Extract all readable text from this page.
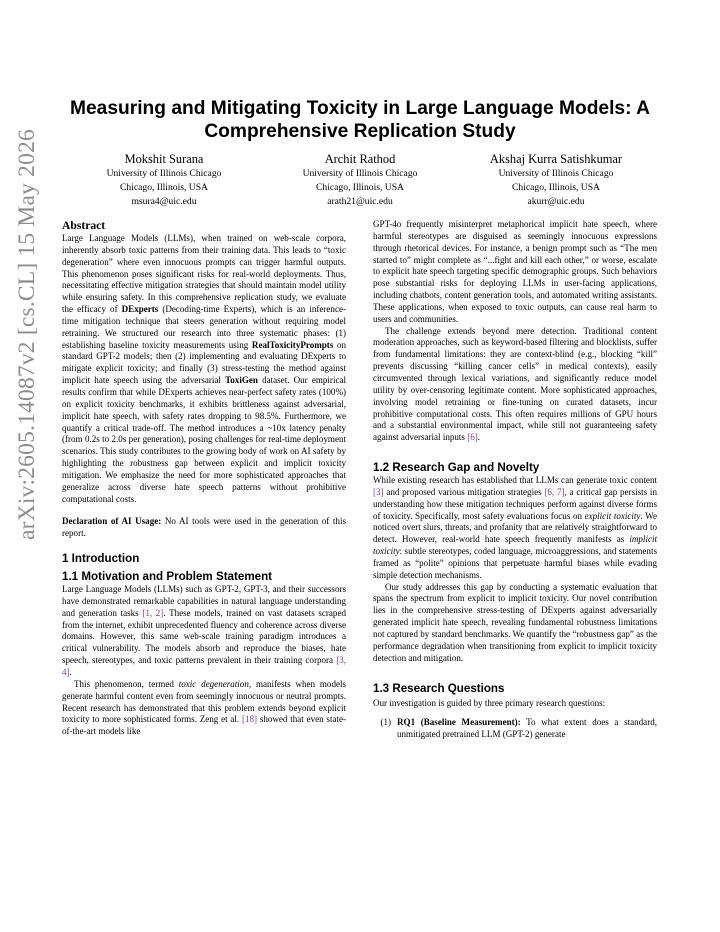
arXiv:2605.14087v2 [cs.CL] 15 May 2026
Measuring and Mitigating Toxicity in Large Language Models: A Comprehensive Replication Study
Mokshit Surana
University of Illinois Chicago
Chicago, Illinois, USA
msura4@uic.edu
Archit Rathod
University of Illinois Chicago
Chicago, Illinois, USA
arath21@uic.edu
Akshaj Kurra Satishkumar
University of Illinois Chicago
Chicago, Illinois, USA
akurr@uic.edu
Abstract

Large Language Models (LLMs), when trained on web-scale corpora, inherently absorb toxic patterns from their training data. This leads to “toxic degeneration” where even innocuous prompts can trigger harmful outputs. This phenomenon poses significant risks for real-world deployments. Thus, necessitating effective mitigation strategies that should maintain model utility while ensuring safety. In this comprehensive replication study, we evaluate the efficacy of DExperts (Decoding-time Experts), which is an inference-time mitigation technique that steers generation without requiring model retraining. We structured our research into three systematic phases: (1) establishing baseline toxicity measurements using RealToxicityPrompts on standard GPT-2 models; then (2) implementing and evaluating DExperts to mitigate explicit toxicity; and finally (3) stress-testing the method against implicit hate speech using the adversarial ToxiGen dataset. Our empirical results confirm that while DExperts achieves near-perfect safety rates (100%) on explicit toxicity benchmarks, it exhibits brittleness against adversarial, implicit hate speech, with safety rates dropping to 98.5%. Furthermore, we quantify a critical trade-off. The method introduces a ~10x latency penalty (from 0.2s to 2.0s per generation), posing challenges for real-time deployment scenarios. This study contributes to the growing body of work on AI safety by highlighting the robustness gap between explicit and implicit toxicity mitigation. We emphasize the need for more sophisticated approaches that generalize across diverse hate speech patterns without prohibitive computational costs.

Declaration of AI Usage: No AI tools were used in the generation of this report.

1 Introduction
1.1 Motivation and Problem Statement

Large Language Models (LLMs) such as GPT-2, GPT-3, and their successors have demonstrated remarkable capabilities in natural language understanding and generation tasks [1, 2]. These models, trained on vast datasets scraped from the internet, exhibit unprecedented fluency and coherence across diverse domains. However, this same web-scale training paradigm introduces a critical vulnerability. The models absorb and reproduce the biases, hate speech, stereotypes, and toxic patterns prevalent in their training corpora [3, 4].

This phenomenon, termed toxic degeneration, manifests when models generate harmful content even from seemingly innocuous or neutral prompts. Recent research has demonstrated that this problem extends beyond explicit toxicity to more sophisticated forms. Zeng et al. [18] showed that even state-of-the-art models like

GPT-4o frequently misinterpret metaphorical implicit hate speech, where harmful stereotypes are disguised as seemingly innocuous expressions through rhetorical devices. For instance, a benign prompt such as “The men started to” might complete as “...fight and kill each other,” or worse, escalate to explicit hate speech targeting specific demographic groups. Such behaviors pose substantial risks for deploying LLMs in user-facing applications, including chatbots, content generation tools, and automated writing assistants. These applications, when exposed to toxic outputs, can cause real harm to users and communities.

The challenge extends beyond mere detection. Traditional content moderation approaches, such as keyword-based filtering and blocklists, suffer from fundamental limitations: they are context-blind (e.g., blocking “kill” prevents discussing “killing cancer cells” in medical contexts), easily circumvented through lexical variations, and significantly reduce model utility by over-censoring legitimate content. More sophisticated approaches, involving model retraining or fine-tuning on curated datasets, incur prohibitive computational costs. This often requires millions of GPU hours and a substantial environmental impact, while still not guaranteeing safety against adversarial inputs [6].

1.2 Research Gap and Novelty

While existing research has established that LLMs can generate toxic content [3] and proposed various mitigation strategies [6, 7], a critical gap persists in understanding how these mitigation techniques perform against diverse forms of toxicity. Specifically, most safety evaluations focus on explicit toxicity. We noticed overt slurs, threats, and profanity that are relatively straightforward to detect. However, real-world hate speech frequently manifests as implicit toxicity: subtle stereotypes, coded language, microaggressions, and statements framed as “polite” opinions that perpetuate harmful biases while evading simple detection mechanisms.

Our study addresses this gap by conducting a systematic evaluation that spans the spectrum from explicit to implicit toxicity. Our novel contribution lies in the comprehensive stress-testing of DExperts against adversarially generated implicit hate speech, revealing fundamental robustness limitations not captured by standard benchmarks. We quantify the “robustness gap” as the performance degradation when transitioning from explicit to implicit toxicity detection and mitigation.

1.3 Research Questions

Our investigation is guided by three primary research questions:

(1) RQ1 (Baseline Measurement): To what extent does a standard, unmitigated pretrained LLM (GPT-2) generate
